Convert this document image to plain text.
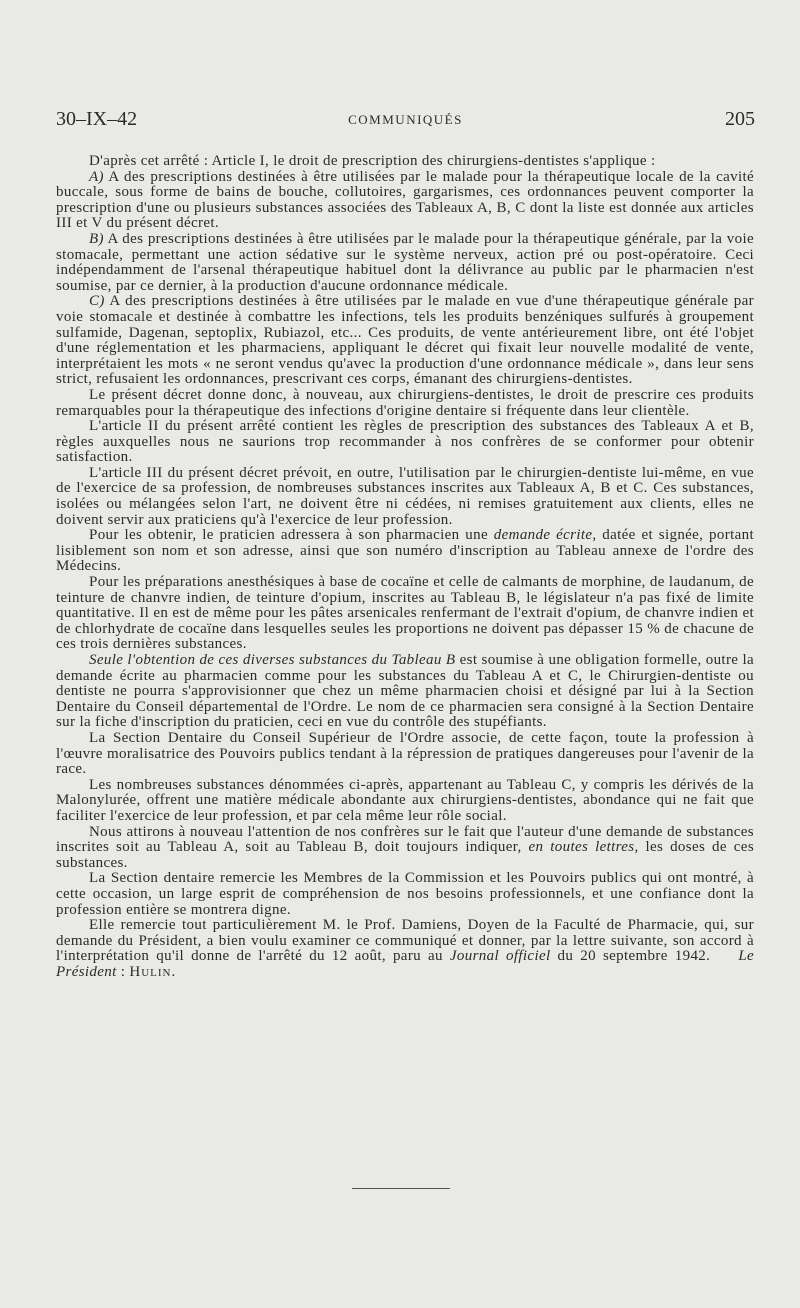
30–IX–42	COMMUNIQUÉS	205

D'après cet arrêté : Article I, le droit de prescription des chirurgiens-dentistes s'applique :

A) A des prescriptions destinées à être utilisées par le malade pour la thérapeutique locale de la cavité buccale, sous forme de bains de bouche, collutoires, gargarismes, ces ordonnances peuvent comporter la prescription d'une ou plusieurs substances associées des Tableaux A, B, C dont la liste est donnée aux articles III et V du présent décret.

B) A des prescriptions destinées à être utilisées par le malade pour la thérapeutique générale, par la voie stomacale, permettant une action sédative sur le système nerveux, action pré ou post-opératoire. Ceci indépendamment de l'arsenal thérapeutique habituel dont la délivrance au public par le pharmacien n'est soumise, par ce dernier, à la production d'aucune ordonnance médicale.

C) A des prescriptions destinées à être utilisées par le malade en vue d'une thérapeutique générale par voie stomacale et destinée à combattre les infections, tels les produits benzéniques sulfurés à groupement sulfamide, Dagenan, septoplix, Rubiazol, etc... Ces produits, de vente antérieurement libre, ont été l'objet d'une réglementation et les pharmaciens, appliquant le décret qui fixait leur nouvelle modalité de vente, interprétaient les mots « ne seront vendus qu'avec la production d'une ordonnance médicale », dans leur sens strict, refusaient les ordonnances, prescrivant ces corps, émanant des chirurgiens-dentistes.

Le présent décret donne donc, à nouveau, aux chirurgiens-dentistes, le droit de prescrire ces produits remarquables pour la thérapeutique des infections d'origine dentaire si fréquente dans leur clientèle.

L'article II du présent arrêté contient les règles de prescription des substances des Tableaux A et B, règles auxquelles nous ne saurions trop recommander à nos confrères de se conformer pour obtenir satisfaction.

L'article III du présent décret prévoit, en outre, l'utilisation par le chirurgien-dentiste lui-même, en vue de l'exercice de sa profession, de nombreuses substances inscrites aux Tableaux A, B et C. Ces substances, isolées ou mélangées selon l'art, ne doivent être ni cédées, ni remises gratuitement aux clients, elles ne doivent servir aux praticiens qu'à l'exercice de leur profession.

Pour les obtenir, le praticien adressera à son pharmacien une demande écrite, datée et signée, portant lisiblement son nom et son adresse, ainsi que son numéro d'inscription au Tableau annexe de l'ordre des Médecins.

Pour les préparations anesthésiques à base de cocaïne et celle de calmants de morphine, de laudanum, de teinture de chanvre indien, de teinture d'opium, inscrites au Tableau B, le législateur n'a pas fixé de limite quantitative. Il en est de même pour les pâtes arsenicales renfermant de l'extrait d'opium, de chanvre indien et de chlorhydrate de cocaïne dans lesquelles seules les proportions ne doivent pas dépasser 15 % de chacune de ces trois dernières substances.

Seule l'obtention de ces diverses substances du Tableau B est soumise à une obligation formelle, outre la demande écrite au pharmacien comme pour les substances du Tableau A et C, le Chirurgien-dentiste ou dentiste ne pourra s'approvisionner que chez un même pharmacien choisi et désigné par lui à la Section Dentaire du Conseil départemental de l'Ordre. Le nom de ce pharmacien sera consigné à la Section Dentaire sur la fiche d'inscription du praticien, ceci en vue du contrôle des stupéfiants.

La Section Dentaire du Conseil Supérieur de l'Ordre associe, de cette façon, toute la profession à l'œuvre moralisatrice des Pouvoirs publics tendant à la répression de pratiques dangereuses pour l'avenir de la race.

Les nombreuses substances dénommées ci-après, appartenant au Tableau C, y compris les dérivés de la Malonylurée, offrent une matière médicale abondante aux chirurgiens-dentistes, abondance qui ne fait que faciliter l'exercice de leur profession, et par cela même leur rôle social.

Nous attirons à nouveau l'attention de nos confrères sur le fait que l'auteur d'une demande de substances inscrites soit au Tableau A, soit au Tableau B, doit toujours indiquer, en toutes lettres, les doses de ces substances.

La Section dentaire remercie les Membres de la Commission et les Pouvoirs publics qui ont montré, à cette occasion, un large esprit de compréhension de nos besoins professionnels, et une confiance dont la profession entière se montrera digne.

Elle remercie tout particulièrement M. le Prof. Damiens, Doyen de la Faculté de Pharmacie, qui, sur demande du Président, a bien voulu examiner ce communiqué et donner, par la lettre suivante, son accord à l'interprétation qu'il donne de l'arrêté du 12 août, paru au Journal officiel du 20 septembre 1942. Le Président : Hulin.
